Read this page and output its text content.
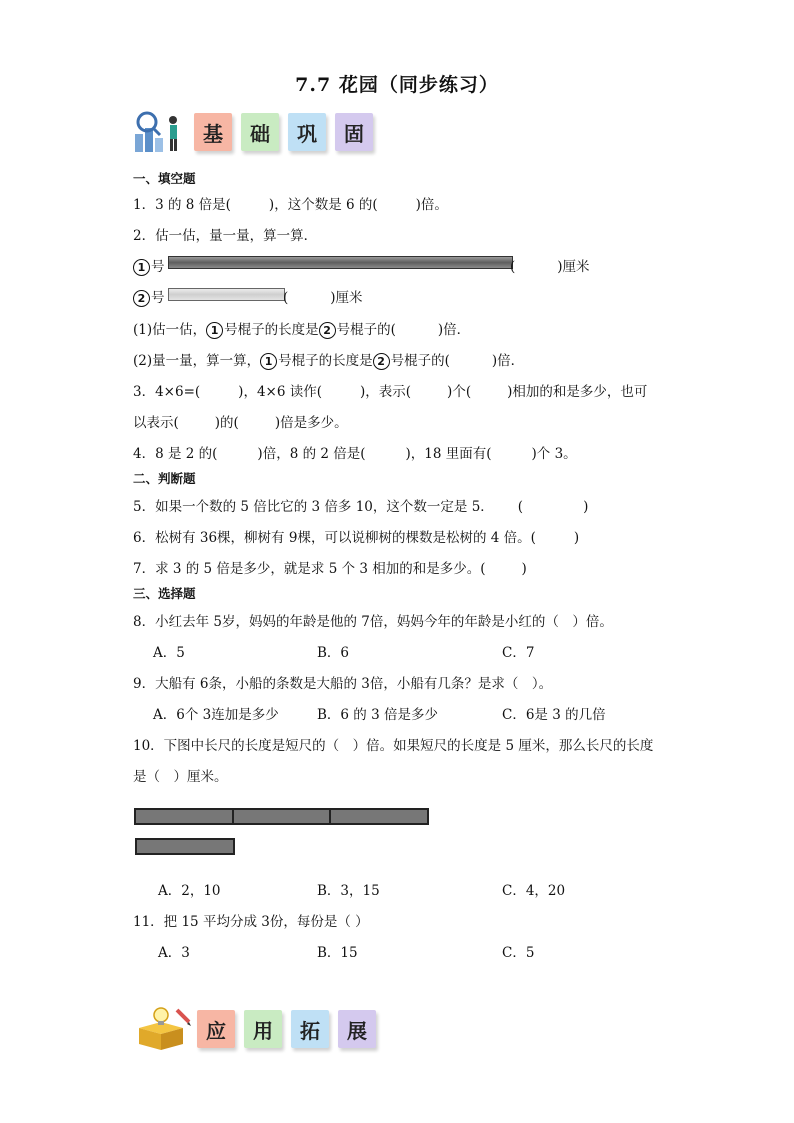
7.7 花园（同步练习）
基	础	巩	固
一、填空题
1．3 的 8 倍是(	)，这个数是 6 的(	)倍。
2．估一估，量一量，算一算．
1 号	(	)厘米
2 号	(	)厘米
(1)估一估， 1 号棍子的长度是 2 号棍子的(	)倍．
(2)量一量，算一算， 1 号棍子的长度是 2 号棍子的(	)倍．
3．4×6=(	)，4×6 读作(	)，表示(	)个(	)相加的和是多少，也可
以表示(	)的(	)倍是多少。
4．8 是 2 的(	)倍，8 的 2 倍是(	)，18 里面有(	)个 3。
二、判断题
5．如果一个数的 5 倍比它的 3 倍多 10，这个数一定是 5． (	)
6．松树有 36棵，柳树有 9棵，可以说柳树的棵数是松树的 4 倍。(	)
7．求 3 的 5 倍是多少，就是求 5 个 3 相加的和是多少。(	)
三、选择题
8．小红去年 5岁，妈妈的年龄是他的 7倍，妈妈今年的年龄是小红的（　）倍。
A．5	B．6	C．7
9．大船有 6条，小船的条数是大船的 3倍，小船有几条？是求（　）。
A．6个 3连加是多少	B．6 的 3 倍是多少	C．6是 3 的几倍
10．下图中长尺的长度是短尺的（　）倍。如果短尺的长度是 5 厘米，那么长尺的长度
是（　）厘米。
A．2，10	B．3，15	C．4，20
11．把 15 平均分成 3份，每份是（ ）
A．3	B．15	C．5
应	用	拓	展
